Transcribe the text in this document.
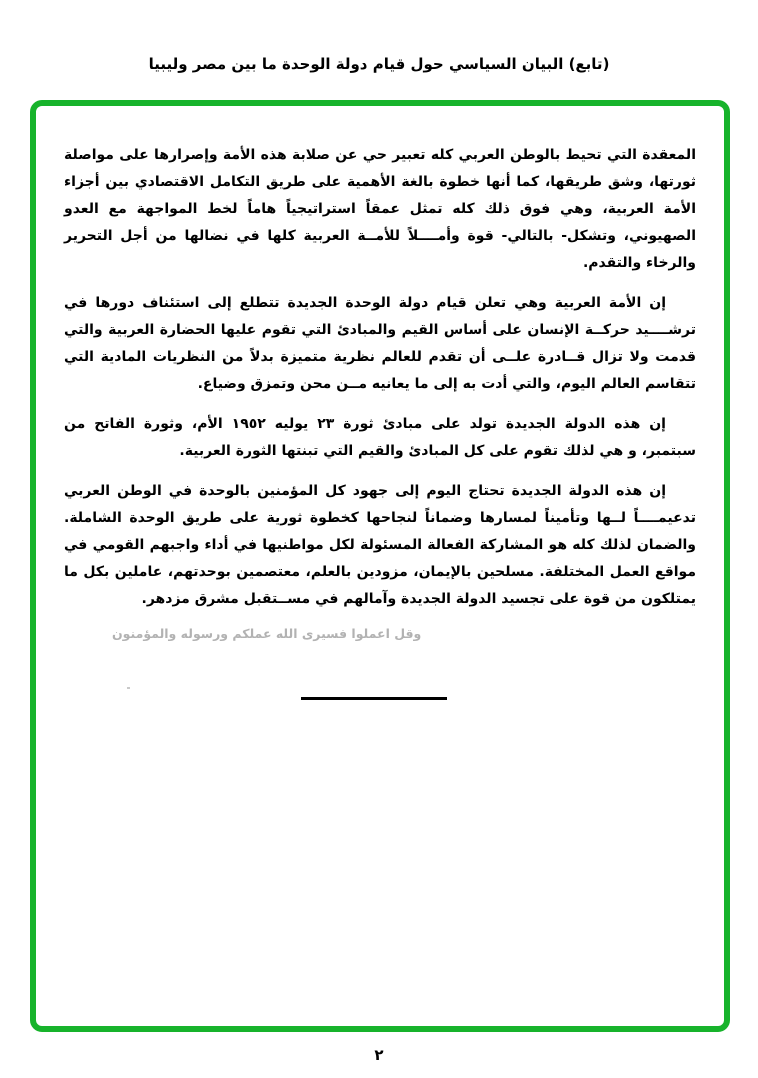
(تابع) البيان السياسي حول قيام دولة الوحدة ما بين مصر وليبيا

المعقدة التي تحيط بالوطن العربي كله تعبير حي عن صلابة هذه الأمة وإصرارها على مواصلة ثورتها، وشق طريقها، كما أنها خطوة بالغة الأهمية على طريق التكامل الاقتصادي بين أجزاء الأمة العربية، وهي فوق ذلك كله تمثل عمقاً استراتيجياً هاماً لخط المواجهة مع العدو الصهيوني، وتشكل- بالتالي- قوة وأمــــلاً للأمــة العربية كلها في نضالها من أجل التحرير والرخاء والتقدم.

إن الأمة العربية وهي تعلن قيام دولة الوحدة الجديدة تتطلع إلى استئناف دورها في ترشــــيد حركــة الإنسان على أساس القيم والمبادئ التي تقوم عليها الحضارة العربية والتي قدمت ولا تزال قــادرة علــى أن تقدم للعالم نظرية متميزة بدلاً من النظريات المادية التي تتقاسم العالم اليوم، والتي أدت به إلى ما يعانيه مــن محن وتمزق وضياع.

إن هذه الدولة الجديدة تولد على مبادئ ثورة ٢٣ يوليه ١٩٥٢ الأم، وثورة الفاتح من سبتمبر، و هي لذلك تقوم على كل المبادئ والقيم التي تبنتها الثورة العربية.

إن هذه الدولة الجديدة تحتاج اليوم إلى جهود كل المؤمنين بالوحدة في الوطن العربي تدعيمــــاً لــها وتأميناً لمسارها وضماناً لنجاحها كخطوة ثورية على طريق الوحدة الشاملة. والضمان لذلك كله هو المشاركة الفعالة المسئولة لكل مواطنيها في أداء واجبهم القومي في مواقع العمل المختلفة. مسلحين بالإيمان، مزودين بالعلم، معتصمين بوحدتهم، عاملين بكل ما يمتلكون من قوة على تجسيد الدولة الجديدة وآمالهم في مســتقبل مشرق مزدهر.

وقل اعملوا فسيرى الله عملكم ورسوله والمؤمنون
٢
